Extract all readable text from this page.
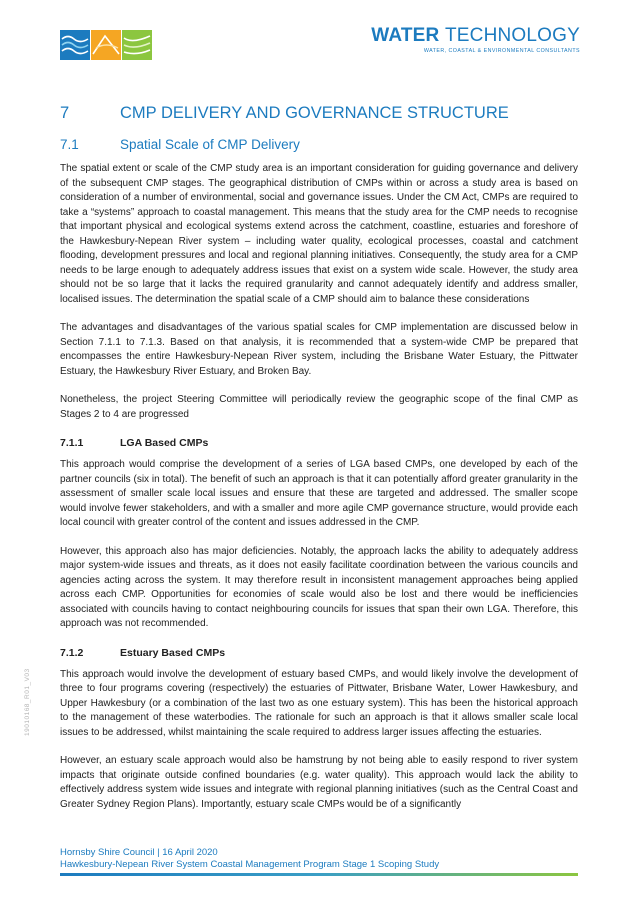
WATER TECHNOLOGY
WATER, COASTAL & ENVIRONMENTAL CONSULTANTS
7	CMP DELIVERY AND GOVERNANCE STRUCTURE
7.1	Spatial Scale of CMP Delivery

The spatial extent or scale of the CMP study area is an important consideration for guiding governance and delivery of the subsequent CMP stages. The geographical distribution of CMPs within or across a study area is based on consideration of a number of environmental, social and governance issues. Under the CM Act, CMPs are required to take a “systems” approach to coastal management. This means that the study area for the CMP needs to recognise that important physical and ecological systems extend across the catchment, coastline, estuaries and foreshore of the Hawkesbury-Nepean River system – including water quality, ecological processes, coastal and catchment flooding, development pressures and local and regional planning initiatives. Consequently, the study area for a CMP needs to be large enough to adequately address issues that exist on a system wide scale. However, the study area should not be so large that it lacks the required granularity and cannot adequately identify and address smaller, localised issues. The determination the spatial scale of a CMP should aim to balance these considerations

The advantages and disadvantages of the various spatial scales for CMP implementation are discussed below in Section 7.1.1 to 7.1.3. Based on that analysis, it is recommended that a system-wide CMP be prepared that encompasses the entire Hawkesbury-Nepean River system, including the Brisbane Water Estuary, the Pittwater Estuary, the Hawkesbury River Estuary, and Broken Bay.

Nonetheless, the project Steering Committee will periodically review the geographic scope of the final CMP as Stages 2 to 4 are progressed

7.1.1	LGA Based CMPs

This approach would comprise the development of a series of LGA based CMPs, one developed by each of the partner councils (six in total). The benefit of such an approach is that it can potentially afford greater granularity in the assessment of smaller scale local issues and ensure that these are targeted and addressed. The smaller scope would involve fewer stakeholders, and with a smaller and more agile CMP governance structure, would provide each local council with greater control of the content and issues addressed in the CMP.

However, this approach also has major deficiencies. Notably, the approach lacks the ability to adequately address major system-wide issues and threats, as it does not easily facilitate coordination between the various councils and agencies acting across the system. It may therefore result in inconsistent management approaches being applied across each CMP. Opportunities for economies of scale would also be lost and there would be inefficiencies associated with councils having to contact neighbouring councils for issues that span their own LGA. Therefore, this approach was not recommended.

7.1.2	Estuary Based CMPs

This approach would involve the development of estuary based CMPs, and would likely involve the development of three to four programs covering (respectively) the estuaries of Pittwater, Brisbane Water, Lower Hawkesbury, and Upper Hawkesbury (or a combination of the last two as one estuary system). This has been the historical approach to the management of these waterbodies. The rationale for such an approach is that it allows smaller scale local issues to be addressed, whilst maintaining the scale required to address larger issues affecting the estuaries.

However, an estuary scale approach would also be hamstrung by not being able to easily respond to river system impacts that originate outside confined boundaries (e.g. water quality). This approach would lack the ability to effectively address system wide issues and integrate with regional planning initiatives (such as the Central Coast and Greater Sydney Region Plans). Importantly, estuary scale CMPs would be of a significantly

19010168_R01_V03
Hornsby Shire Council | 16 April 2020
Hawkesbury-Nepean River System Coastal Management Program Stage 1 Scoping Study
